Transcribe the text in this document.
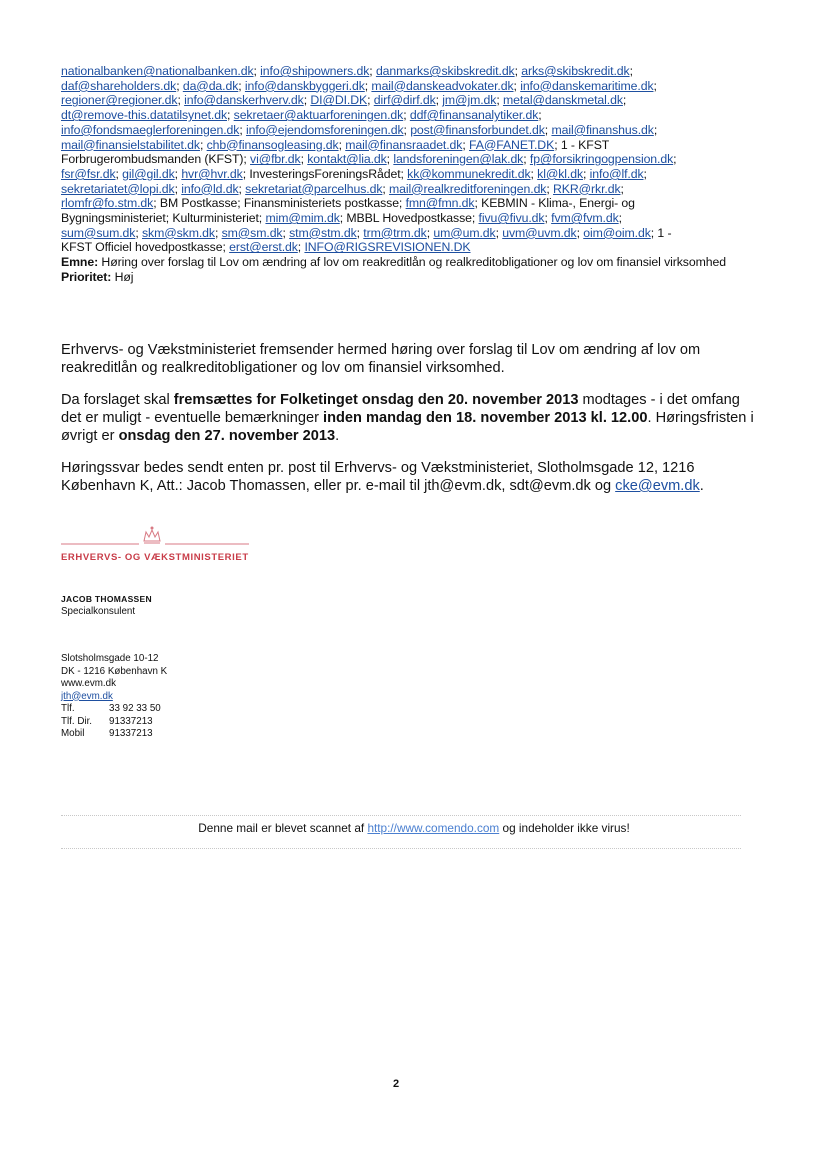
nationalbanken@nationalbanken.dk; info@shipowners.dk; danmarks@skibskredit.dk; arks@skibskredit.dk;
daf@shareholders.dk; da@da.dk; info@danskbyggeri.dk; mail@danskeadvokater.dk; info@danskemaritime.dk;
regioner@regioner.dk; info@danskerhverv.dk; DI@DI.DK; dirf@dirf.dk; jm@jm.dk; metal@danskmetal.dk;
dt@remove-this.datatilsynet.dk; sekretaer@aktuarforeningen.dk; ddf@finansanalytiker.dk;
info@fondsmaeglerforeningen.dk; info@ejendomsforeningen.dk; post@finansforbundet.dk; mail@finanshus.dk;
mail@finansielstabilitet.dk; chb@finansogleasing.dk; mail@finansraadet.dk; FA@FANET.DK; 1 - KFST
Forbrugerombudsmanden (KFST); vi@fbr.dk; kontakt@lia.dk; landsforeningen@lak.dk; fp@forsikringogpension.dk;
fsr@fsr.dk; gil@gil.dk; hvr@hvr.dk; InvesteringsForeningsRådet; kk@kommunekredit.dk; kl@kl.dk; info@lf.dk;
sekretariatet@lopi.dk; info@ld.dk; sekretariat@parcelhus.dk; mail@realkreditforeningen.dk; RKR@rkr.dk;
rlomfr@fo.stm.dk; BM Postkasse; Finansministeriets postkasse; fmn@fmn.dk; KEBMIN - Klima-, Energi- og
Bygningsministeriet; Kulturministeriet; mim@mim.dk; MBBL Hovedpostkasse; fivu@fivu.dk; fvm@fvm.dk;
sum@sum.dk; skm@skm.dk; sm@sm.dk; stm@stm.dk; trm@trm.dk; um@um.dk; uvm@uvm.dk; oim@oim.dk; 1 -
KFST Officiel hovedpostkasse; erst@erst.dk; INFO@RIGSREVISIONEN.DK
Emne: Høring over forslag til Lov om ændring af lov om reakreditlån og realkreditobligationer og lov om finansiel virksomhed
Prioritet: Høj
Erhvervs- og Vækstministeriet fremsender hermed høring over forslag til Lov om ændring af lov om reakreditlån og realkreditobligationer og lov om finansiel virksomhed.
Da forslaget skal fremsættes for Folketinget onsdag den 20. november 2013 modtages - i det omfang det er muligt - eventuelle bemærkninger inden mandag den 18. november 2013 kl. 12.00. Høringsfristen i øvrigt er onsdag den 27. november 2013.
Høringssvar bedes sendt enten pr. post til Erhvervs- og Vækstministeriet, Slotholmsgade 12, 1216 København K, Att.: Jacob Thomassen, eller pr. e-mail til jth@evm.dk, sdt@evm.dk og cke@evm.dk.
ERHVERVS- OG VÆKSTMINISTERIET
JACOB THOMASSEN
Specialkonsulent
Slotsholmsgade 10-12
DK - 1216 København K
www.evm.dk
jth@evm.dk
Tlf.	33 92 33 50
Tlf. Dir. 91337213
Mobil	91337213
Denne mail er blevet scannet af http://www.comendo.com og indeholder ikke virus!
2
